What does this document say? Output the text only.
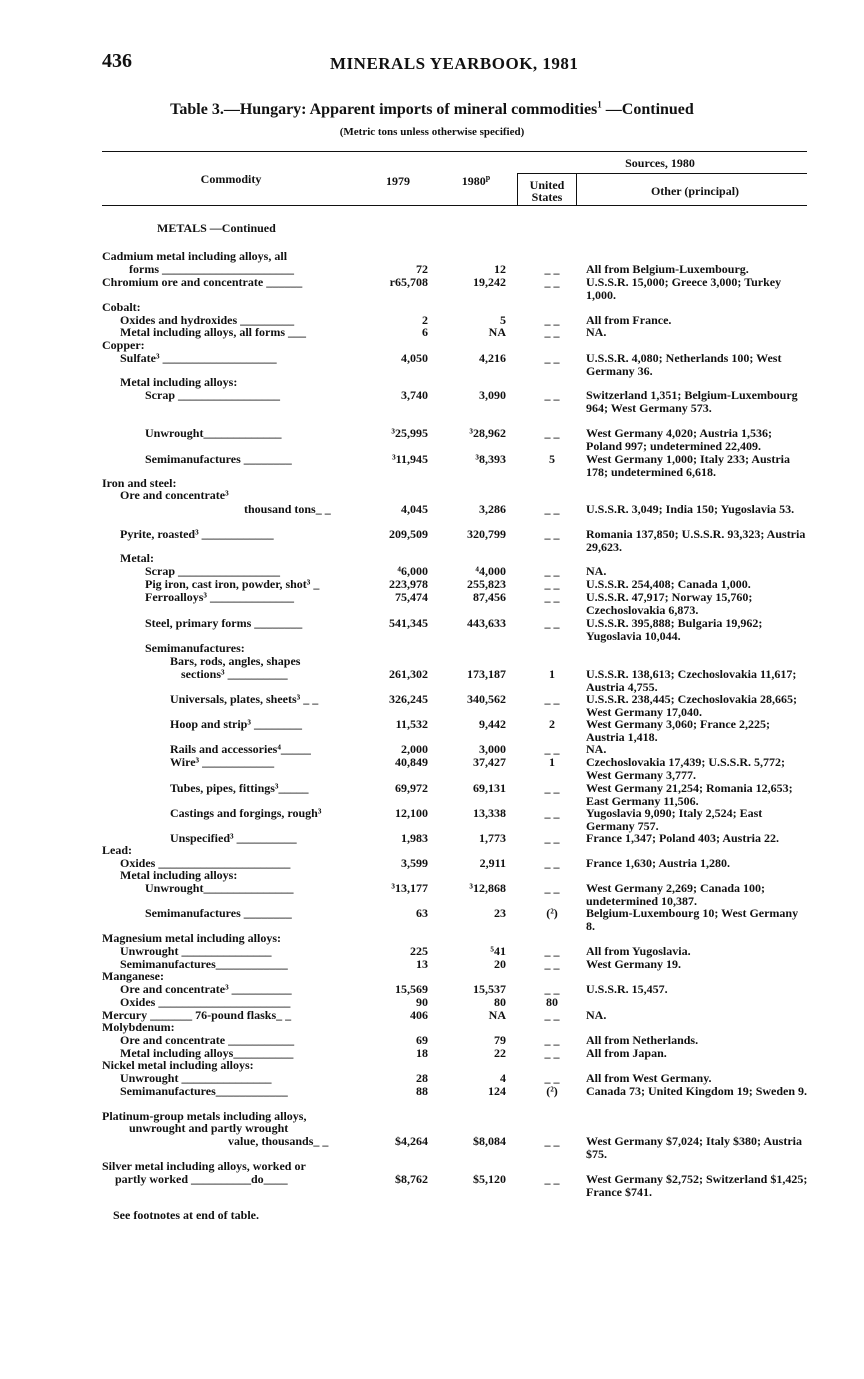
436	MINERALS YEARBOOK, 1981
Table 3.—Hungary: Apparent imports of mineral commodities$^1$ —Continued
(Metric tons unless otherwise specified)
Commodity	1979	1980$^p$
Sources, 1980
United States	Other (principal)
METALS —Continued
Cadmium metal including alloys, all
forms ______________________	72	12	_ _	All from Belgium-Luxembourg.
Chromium ore and concentrate ______	r65,708	19,242	_ _	U.S.S.R. 15,000; Greece 3,000; Turkey 1,000.
Cobalt:
Oxides and hydroxides _________	2	5	_ _	All from France.
Metal including alloys, all forms ___	6	NA	_ _	NA.
Copper:
Sulfate³ ___________________	4,050	4,216	_ _	U.S.S.R. 4,080; Netherlands 100; West Germany 36.
Metal including alloys:
Scrap _________________	3,740	3,090	_ _	Switzerland 1,351; Belgium-Luxembourg 964; West Germany 573.
Unwrought_____________	³25,995	³28,962	_ _	West Germany 4,020; Austria 1,536; Poland 997; undetermined 22,409.
Semimanufactures ________	³11,945	³8,393	5	West Germany 1,000; Italy 233; Austria 178; undetermined 6,618.
Iron and steel:
Ore and concentrate³
thousand tons_ _	4,045	3,286	_ _	U.S.S.R. 3,049; India 150; Yugoslavia 53.
Pyrite, roasted³ ____________	209,509	320,799	_ _	Romania 137,850; U.S.S.R. 93,323; Austria 29,623.
Metal:
Scrap _________________	⁴6,000	⁴4,000	_ _	NA.
Pig iron, cast iron, powder, shot³ _	223,978	255,823	_ _	U.S.S.R. 254,408; Canada 1,000.
Ferroalloys³ ______________	75,474	87,456	_ _	U.S.S.R. 47,917; Norway 15,760; Czechoslovakia 6,873.
Steel, primary forms ________	541,345	443,633	_ _	U.S.S.R. 395,888; Bulgaria 19,962; Yugoslavia 10,044.
Semimanufactures:
Bars, rods, angles, shapes
sections³ __________	261,302	173,187	1	U.S.S.R. 138,613; Czechoslovakia 11,617; Austria 4,755.
Universals, plates, sheets³ _ _	326,245	340,562	_ _	U.S.S.R. 238,445; Czechoslovakia 28,665; West Germany 17,040.
Hoop and strip³ ________	11,532	9,442	2	West Germany 3,060; France 2,225; Austria 1,418.
Rails and accessories⁴_____	2,000	3,000	_ _	NA.
Wire³ ____________	40,849	37,427	1	Czechoslovakia 17,439; U.S.S.R. 5,772; West Germany 3,777.
Tubes, pipes, fittings³_____	69,972	69,131	_ _	West Germany 21,254; Romania 12,653; East Germany 11,506.
Castings and forgings, rough³	12,100	13,338	_ _	Yugoslavia 9,090; Italy 2,524; East Germany 757.
Unspecified³ __________	1,983	1,773	_ _	France 1,347; Poland 403; Austria 22.
Lead:
Oxides ______________________	3,599	2,911	_ _	France 1,630; Austria 1,280.
Metal including alloys:
Unwrought_______________	³13,177	³12,868	_ _	West Germany 2,269; Canada 100; undetermined 10,387.
Semimanufactures ________	63	23	(²)	Belgium-Luxembourg 10; West Germany 8.
Magnesium metal including alloys:
Unwrought _______________	225	⁵41	_ _	All from Yugoslavia.
Semimanufactures____________	13	20	_ _	West Germany 19.
Manganese:
Ore and concentrate³ __________	15,569	15,537	_ _	U.S.S.R. 15,457.
Oxides ______________________	90	80	80
Mercury _______ 76-pound flasks_ _	406	NA	_ _	NA.
Molybdenum:
Ore and concentrate ___________	69	79	_ _	All from Netherlands.
Metal including alloys__________	18	22	_ _	All from Japan.
Nickel metal including alloys:
Unwrought _______________	28	4	_ _	All from West Germany.
Semimanufactures____________	88	124	(²)	Canada 73; United Kingdom 19; Sweden 9.
Platinum-group metals including alloys,
unwrought and partly wrought
value, thousands_ _	$4,264	$8,084	_ _	West Germany $7,024; Italy $380; Austria $75.
Silver metal including alloys, worked or
partly worked __________do____	$8,762	$5,120	_ _	West Germany $2,752; Switzerland $1,425; France $741.
See footnotes at end of table.
